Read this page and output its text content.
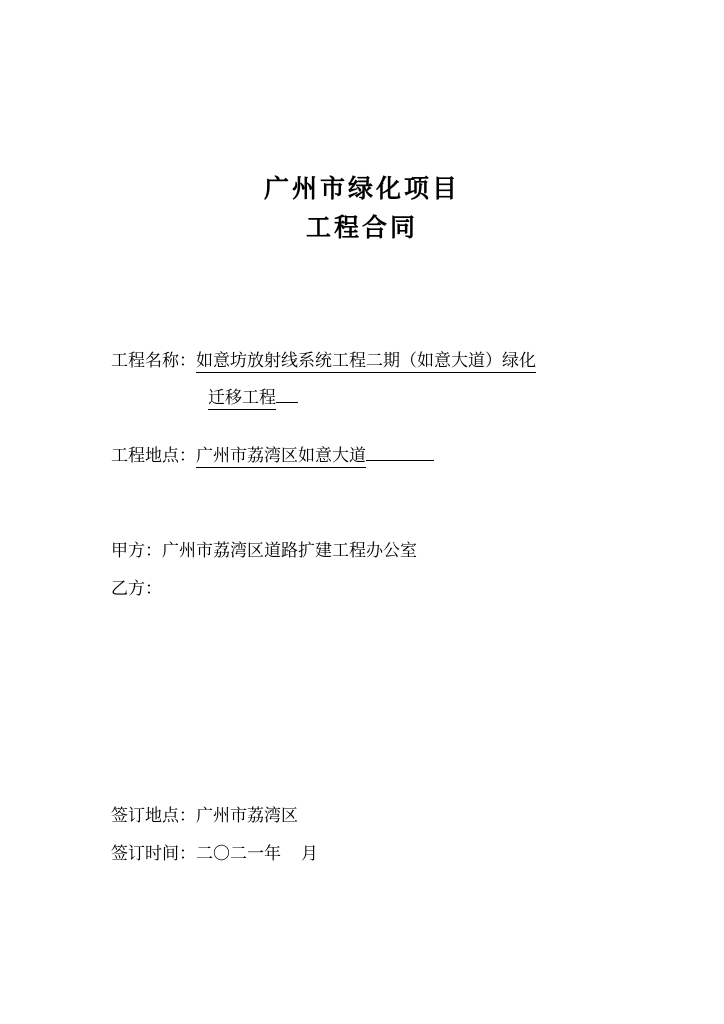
广州市绿化项目
工程合同
工程名称：如意坊放射线系统工程二期（如意大道）绿化
迁移工程
工程地点：广州市荔湾区如意大道
甲方：广州市荔湾区道路扩建工程办公室
乙方：
签订地点：广州市荔湾区
签订时间：二〇二一年 月
